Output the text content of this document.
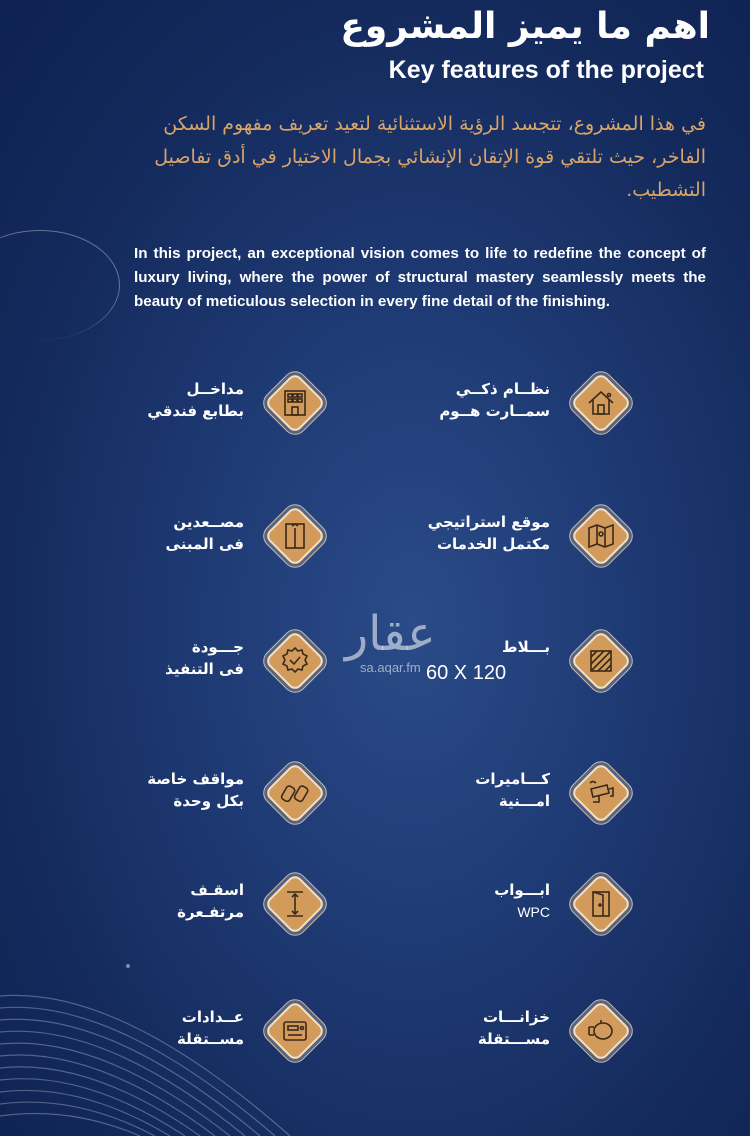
اهم ما يميز المشروع
Key features of the project

في هذا المشروع، تتجسد الرؤية الاستثنائية لتعيد تعريف مفهوم السكن الفاخر، حيث تلتقي قوة الإتقان الإنشائي بجمال الاختيار في أدق تفاصيل التشطيب.

In this project, an exceptional vision comes to life to redefine the concept of luxury living, where the power of structural mastery seamlessly meets the beauty of meticulous selection in every fine detail of the finishing.

نظــام ذكــي
سمــارت هــوم
مداخــل
بطابع فندقي
موقع استراتيجي
مكتمل الخدمات
مصــعدين
فى المبنى
بـــلاط
جـــودة
فى التنفيذ
كـــاميرات
امـــنية
مواقف خاصة
بكل وحدة
ابـــواب
WPC
اسقـف
مرتفـعرة
خزانـــات
مســـتقلة
عــدادات
مســتقلة
60 X 120
عقار
sa.aqar.fm
